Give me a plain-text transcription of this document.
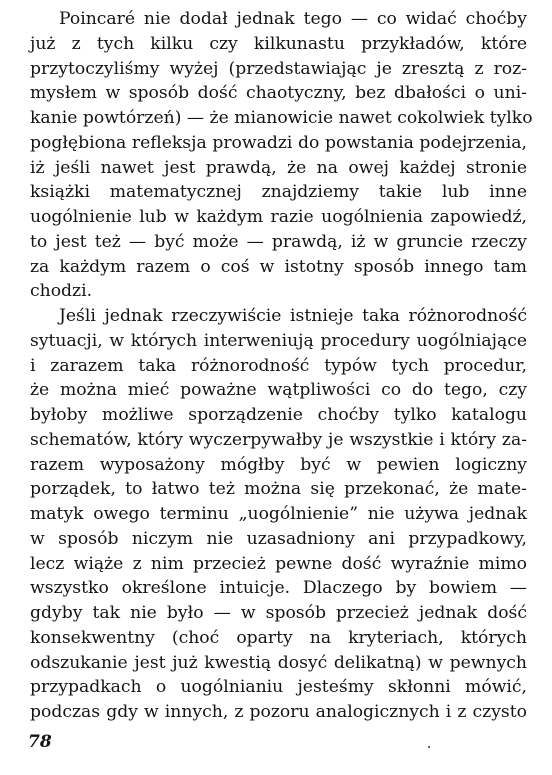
Poincaré nie dodał jednak tego — co widać choćby
już z tych kilku czy kilkunastu przykładów, które
przytoczyliśmy wyżej (przedstawiając je zresztą z roz-
mysłem w sposób dość chaotyczny, bez dbałości o uni-
kanie powtórzeń) — że mianowicie nawet cokolwiek tylko
pogłębiona refleksja prowadzi do powstania podejrzenia,
iż jeśli nawet jest prawdą, że na owej każdej stronie
książki matematycznej znajdziemy takie lub inne
uogólnienie lub w każdym razie uogólnienia zapowiedź,
to jest też — być może — prawdą, iż w gruncie rzeczy
za każdym razem o coś w istotny sposób innego tam
chodzi.
Jeśli jednak rzeczywiście istnieje taka różnorodność
sytuacji, w których interweniują procedury uogólniające
i zarazem taka różnorodność typów tych procedur,
że można mieć poważne wątpliwości co do tego, czy
byłoby możliwe sporządzenie choćby tylko katalogu
schematów, który wyczerpywałby je wszystkie i który za-
razem wyposażony mógłby być w pewien logiczny
porządek, to łatwo też można się przekonać, że mate-
matyk owego terminu „uogólnienie” nie używa jednak
w sposób niczym nie uzasadniony ani przypadkowy,
lecz wiąże z nim przecież pewne dość wyraźnie mimo
wszystko określone intuicje. Dlaczego by bowiem —
gdyby tak nie było — w sposób przecież jednak dość
konsekwentny (choć oparty na kryteriach, których
odszukanie jest już kwestią dosyć delikatną) w pewnych
przypadkach o uogólnianiu jesteśmy skłonni mówić,
podczas gdy w innych, z pozoru analogicznych i z czysto
78
